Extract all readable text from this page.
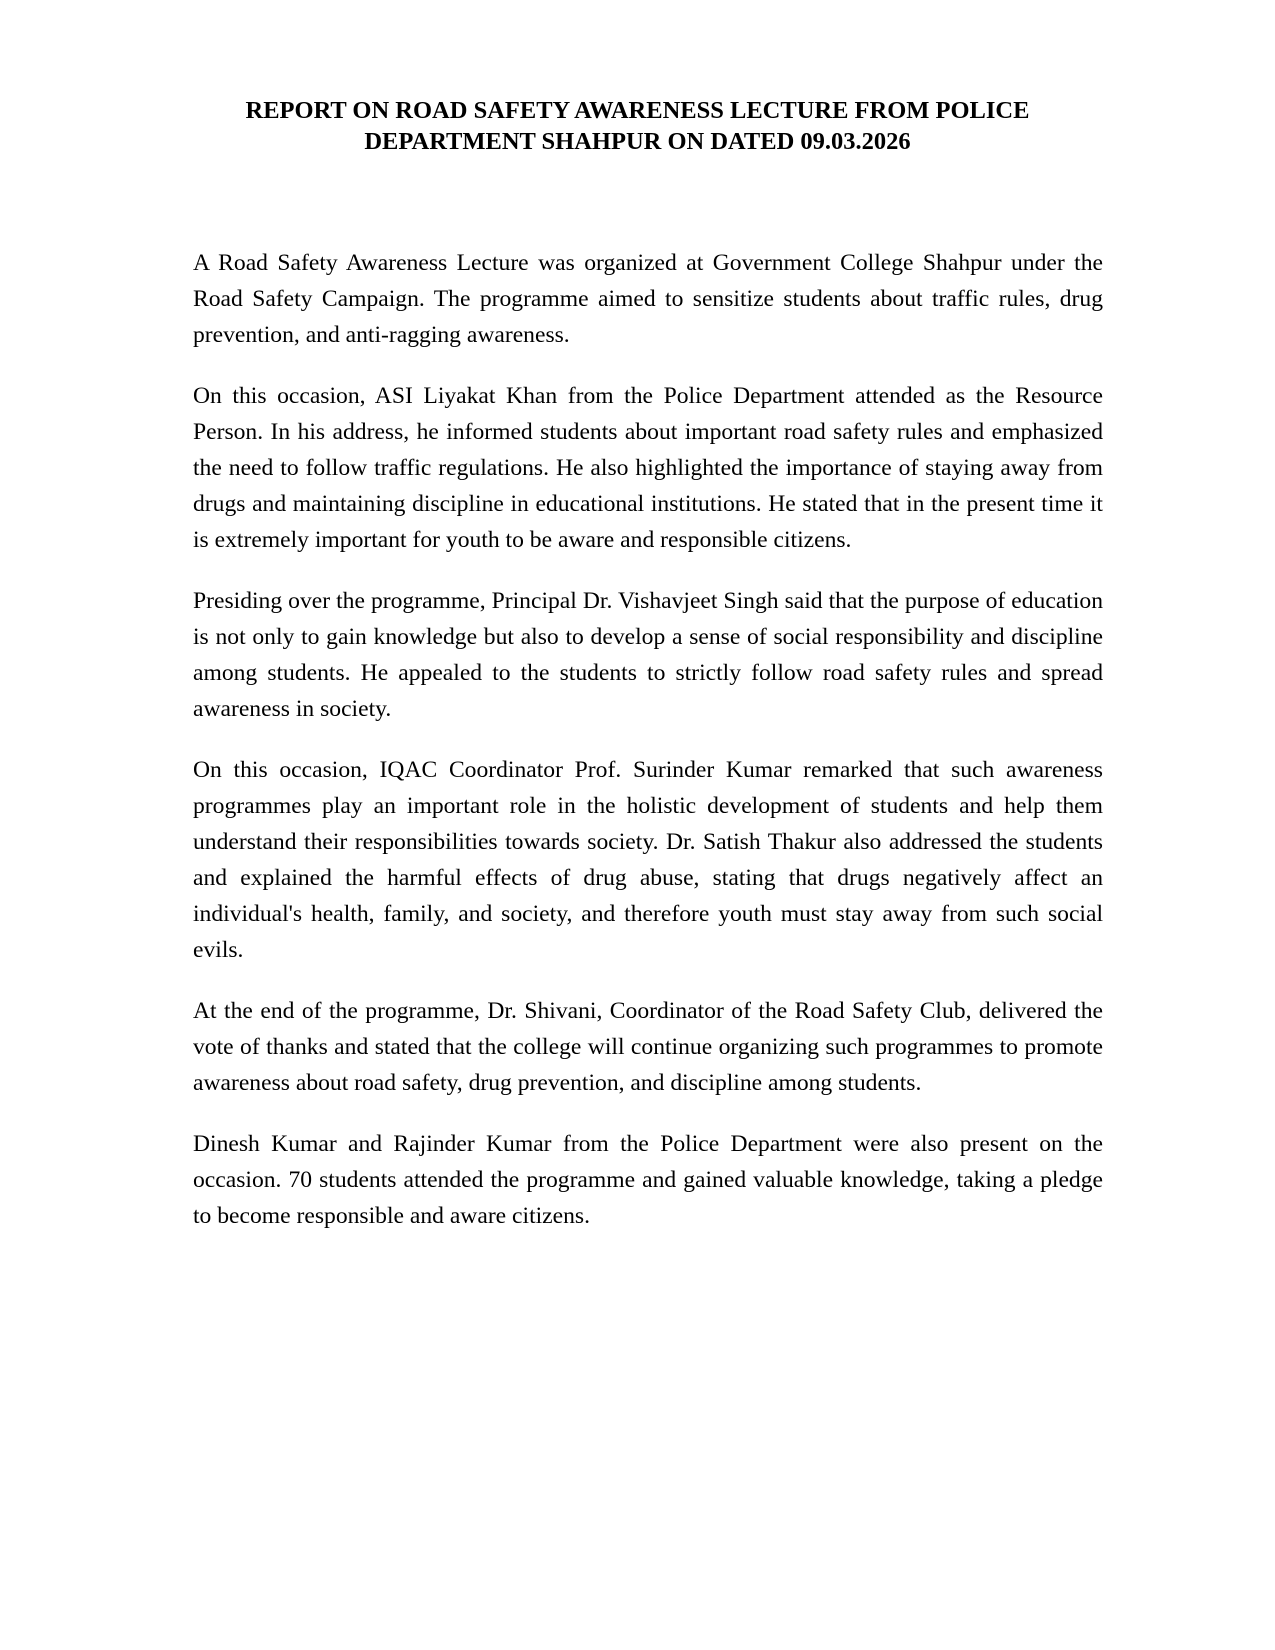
REPORT ON ROAD SAFETY AWARENESS LECTURE FROM POLICE
DEPARTMENT SHAHPUR ON DATED 09.03.2026

A Road Safety Awareness Lecture was organized at Government College Shahpur under the Road Safety Campaign. The programme aimed to sensitize students about traffic rules, drug prevention, and anti-ragging awareness.

On this occasion, ASI Liyakat Khan from the Police Department attended as the Resource Person. In his address, he informed students about important road safety rules and emphasized the need to follow traffic regulations. He also highlighted the importance of staying away from drugs and maintaining discipline in educational institutions. He stated that in the present time it is extremely important for youth to be aware and responsible citizens.

Presiding over the programme, Principal Dr. Vishavjeet Singh said that the purpose of education is not only to gain knowledge but also to develop a sense of social responsibility and discipline among students. He appealed to the students to strictly follow road safety rules and spread awareness in society.

On this occasion, IQAC Coordinator Prof. Surinder Kumar remarked that such awareness programmes play an important role in the holistic development of students and help them understand their responsibilities towards society. Dr. Satish Thakur also addressed the students and explained the harmful effects of drug abuse, stating that drugs negatively affect an individual's health, family, and society, and therefore youth must stay away from such social evils.

At the end of the programme, Dr. Shivani, Coordinator of the Road Safety Club, delivered the vote of thanks and stated that the college will continue organizing such programmes to promote awareness about road safety, drug prevention, and discipline among students.

Dinesh Kumar and Rajinder Kumar from the Police Department were also present on the occasion. 70 students attended the programme and gained valuable knowledge, taking a pledge to become responsible and aware citizens.
